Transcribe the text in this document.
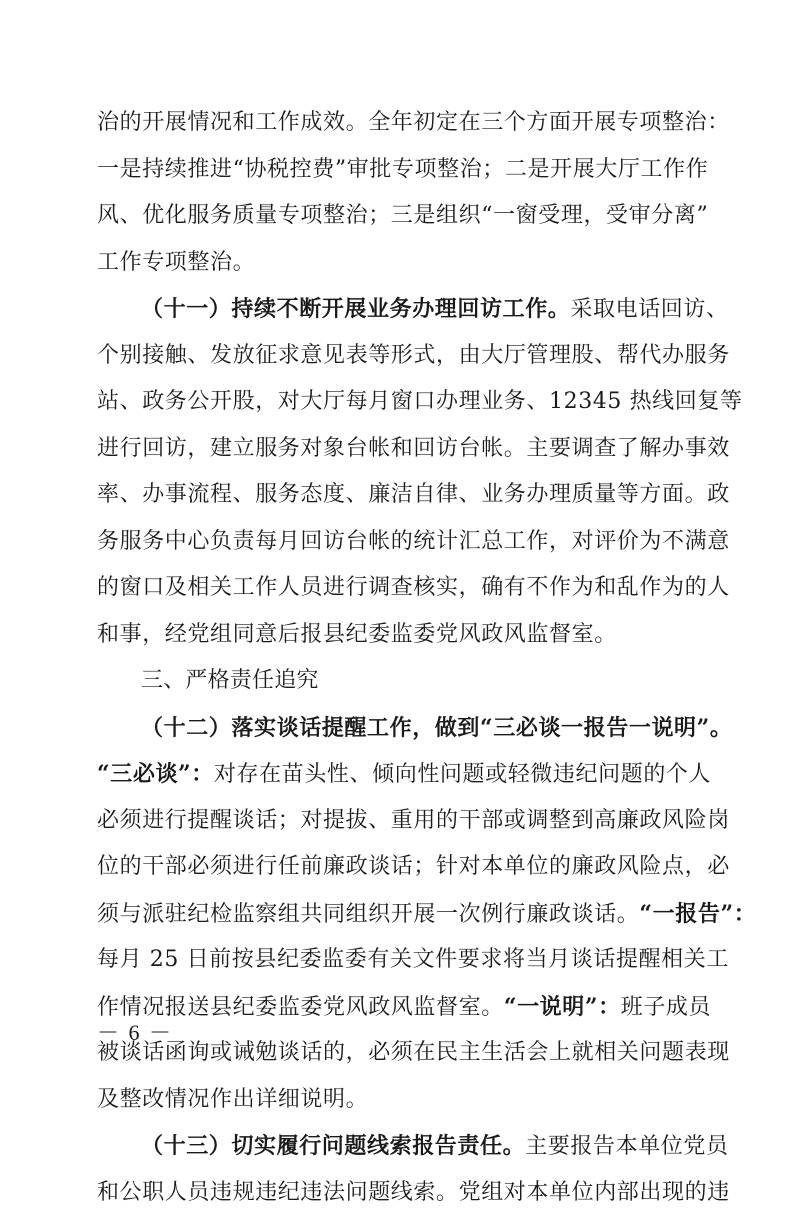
治的开展情况和工作成效。全年初定在三个方面开展专项整治：
一是持续推进“协税控费”审批专项整治；二是开展大厅工作作
风、优化服务质量专项整治；三是组织“一窗受理，受审分离”
工作专项整治。
（十一）持续不断开展业务办理回访工作。采取电话回访、
个别接触、发放征求意见表等形式，由大厅管理股、帮代办服务
站、政务公开股，对大厅每月窗口办理业务、12345 热线回复等
进行回访，建立服务对象台帐和回访台帐。主要调查了解办事效
率、办事流程、服务态度、廉洁自律、业务办理质量等方面。政
务服务中心负责每月回访台帐的统计汇总工作，对评价为不满意
的窗口及相关工作人员进行调查核实，确有不作为和乱作为的人
和事，经党组同意后报县纪委监委党风政风监督室。
三、严格责任追究
（十二）落实谈话提醒工作，做到“三必谈一报告一说明”。
“三必谈”：对存在苗头性、倾向性问题或轻微违纪问题的个人
必须进行提醒谈话；对提拔、重用的干部或调整到高廉政风险岗
位的干部必须进行任前廉政谈话；针对本单位的廉政风险点，必
须与派驻纪检监察组共同组织开展一次例行廉政谈话。“一报告”：
每月 25 日前按县纪委监委有关文件要求将当月谈话提醒相关工
作情况报送县纪委监委党风政风监督室。“一说明”：班子成员
被谈话函询或诫勉谈话的，必须在民主生活会上就相关问题表现
及整改情况作出详细说明。
（十三）切实履行问题线索报告责任。主要报告本单位党员
和公职人员违规违纪违法问题线索。党组对本单位内部出现的违
－ 6 －
